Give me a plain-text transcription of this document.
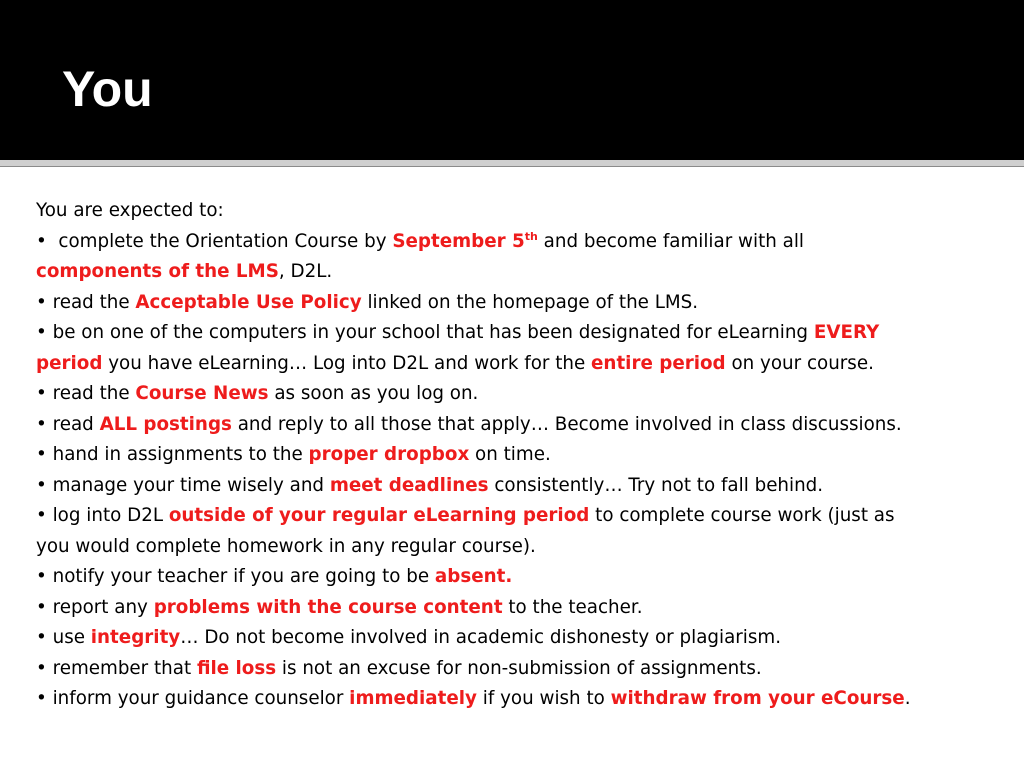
You

You are expected to:

•  complete the Orientation Course by September 5th and become familiar with all

components of the LMS, D2L.

• read the Acceptable Use Policy linked on the homepage of the LMS.

• be on one of the computers in your school that has been designated for eLearning EVERY

period you have eLearning… Log into D2L and work for the entire period on your course.

• read the Course News as soon as you log on.

• read ALL postings and reply to all those that apply… Become involved in class discussions.

• hand in assignments to the proper dropbox on time.

• manage your time wisely and meet deadlines consistently… Try not to fall behind.

• log into D2L outside of your regular eLearning period to complete course work (just as

you would complete homework in any regular course).

• notify your teacher if you are going to be absent.

• report any problems with the course content to the teacher.

• use integrity… Do not become involved in academic dishonesty or plagiarism.

• remember that file loss is not an excuse for non-submission of assignments.

• inform your guidance counselor immediately if you wish to withdraw from your eCourse.
